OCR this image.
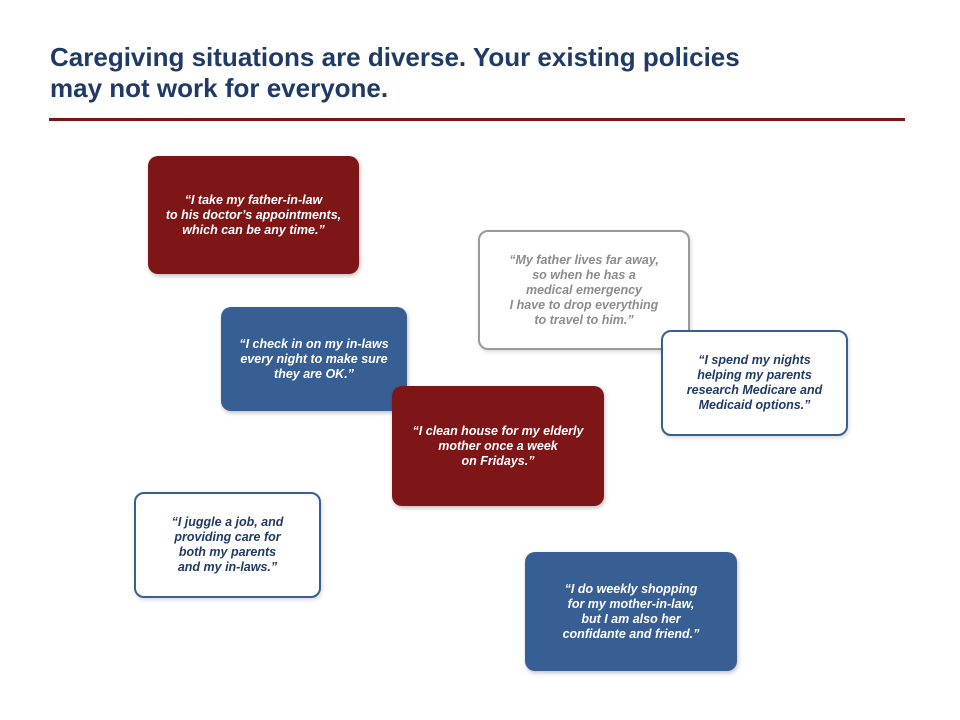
Caregiving situations are diverse. Your existing policies
may not work for everyone.
“I take my father-in-law
to his doctor’s appointments,
which can be any time.”
“My father lives far away,
so when he has a
medical emergency
I have to drop everything
to travel to him.”
“I check in on my in-laws
every night to make sure
they are OK.”
“I spend my nights
helping my parents
research Medicare and
Medicaid options.”
“I clean house for my elderly
mother once a week
on Fridays.”
“I juggle a job, and
providing care for
both my parents
and my in-laws.”
“I do weekly shopping
for my mother-in-law,
but I am also her
confidante and friend.”
